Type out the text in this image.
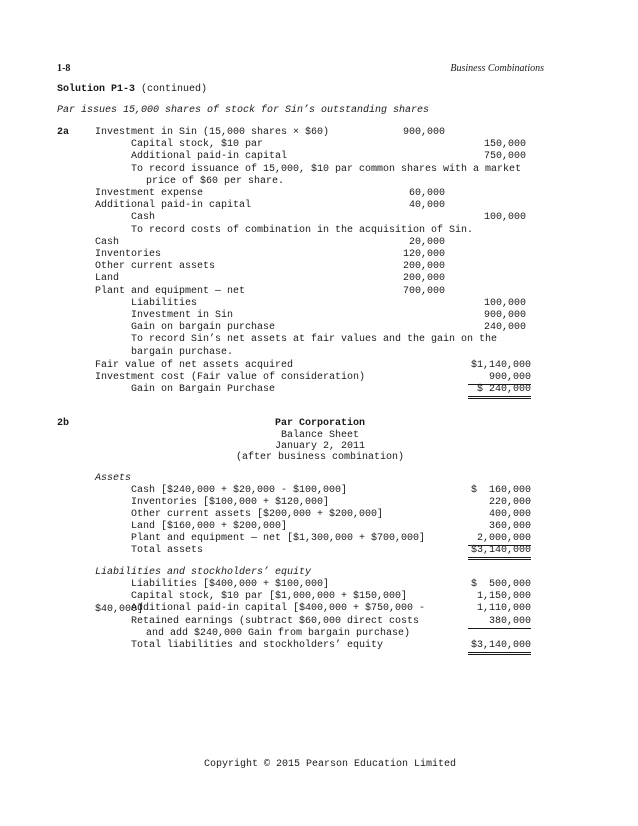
1-8	Business Combinations
Solution P1-3 (continued)
Par issues 15,000 shares of stock for Sin’s outstanding shares
2a	Investment in Sin (15,000 shares × $60)	900,000
Capital stock, $10 par	150,000
Additional paid-in capital	750,000
To record issuance of 15,000, $10 par common shares with a market
price of $60 per share.
Investment expense	60,000
Additional paid-in capital	40,000
Cash	100,000
To record costs of combination in the acquisition of Sin.
Cash	20,000
Inventories	120,000
Other current assets	200,000
Land	200,000
Plant and equipment — net	700,000
Liabilities	100,000
Investment in Sin	900,000
Gain on bargain purchase	240,000
To record Sin’s net assets at fair values and the gain on the
bargain purchase.
Fair value of net assets acquired	$1,140,000
Investment cost (Fair value of consideration)	900,000
Gain on Bargain Purchase	$ 240,000
2b	Par Corporation
Balance Sheet
January 2, 2011
(after business combination)
Assets
Cash [$240,000 + $20,000 - $100,000]	$  160,000
Inventories [$100,000 + $120,000]	220,000
Other current assets [$200,000 + $200,000]	400,000
Land [$160,000 + $200,000]	360,000
Plant and equipment — net [$1,300,000 + $700,000]	2,000,000
Total assets	$3,140,000
Liabilities and stockholders’ equity
Liabilities [$400,000 + $100,000]	$  500,000
Capital stock, $10 par [$1,000,000 + $150,000]	1,150,000
Additional paid-in capital [$400,000 + $750,000 -	1,110,000
$40,000]
Retained earnings (subtract $60,000 direct costs	380,000
and add $240,000 Gain from bargain purchase)
Total liabilities and stockholders’ equity	$3,140,000
Copyright © 2015 Pearson Education Limited
